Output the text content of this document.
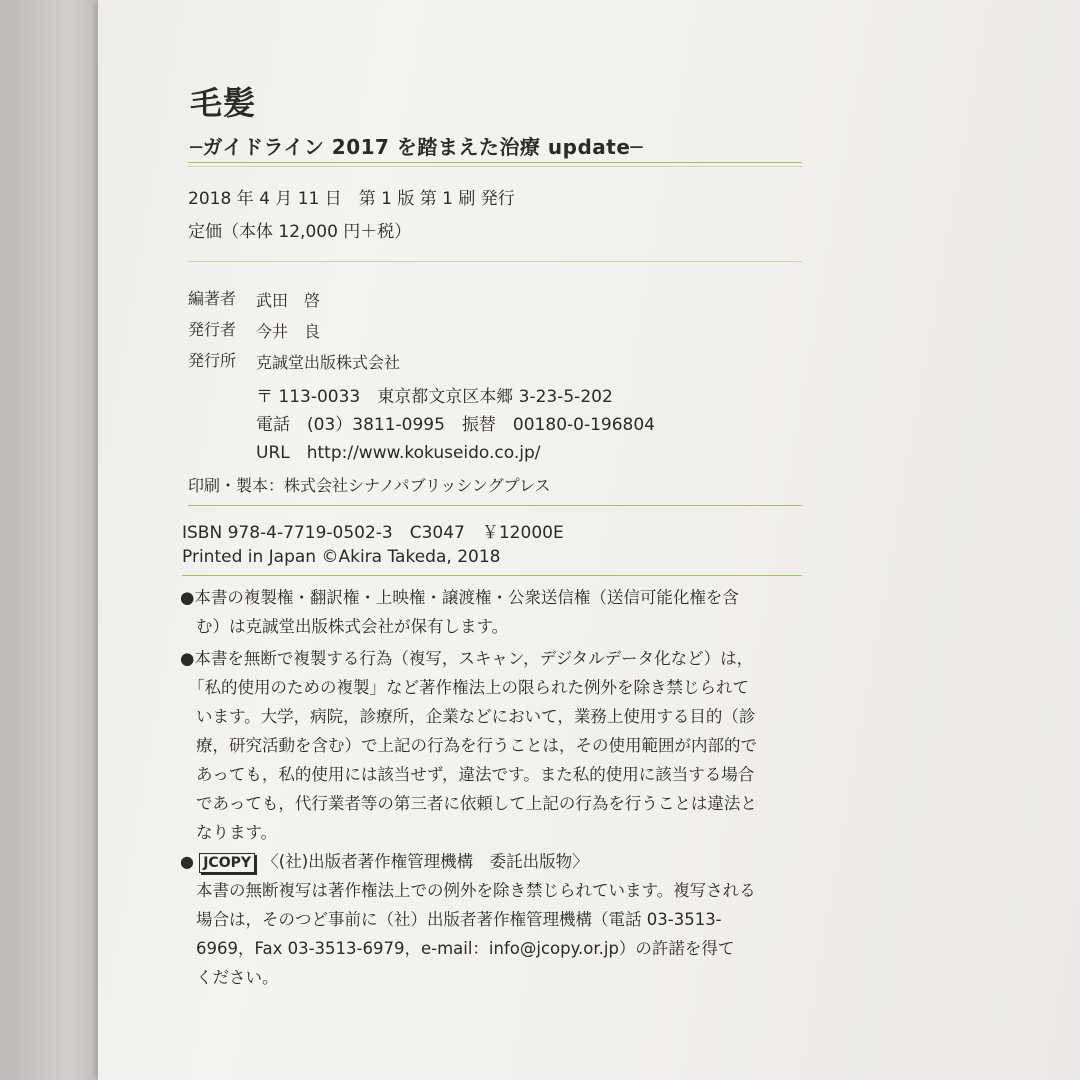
毛髪
─ガイドライン 2017 を踏まえた治療 update─
2018 年 4 月 11 日　第 1 版 第 1 刷 発行
定価（本体 12,000 円＋税）
編著者 武田　啓
発行者 今井　良
発行所 克誠堂出版株式会社
〒 113-0033　東京都文京区本郷 3-23-5-202
電話　(03）3811-0995　振替　00180-0-196804
URL　http://www.kokuseido.co.jp/
印刷・製本：株式会社シナノパブリッシングプレス
ISBN 978-4-7719-0502-3　C3047　￥12000E
Printed in Japan ©Akira Takeda, 2018
●本書の複製権・翻訳権・上映権・譲渡権・公衆送信権（送信可能化権を含
む）は克誠堂出版株式会社が保有します。
●本書を無断で複製する行為（複写，スキャン，デジタルデータ化など）は，
「私的使用のための複製」など著作権法上の限られた例外を除き禁じられて
います。大学，病院，診療所，企業などにおいて，業務上使用する目的（診
療，研究活動を含む）で上記の行為を行うことは，その使用範囲が内部的で
あっても，私的使用には該当せず，違法です。また私的使用に該当する場合
であっても，代行業者等の第三者に依頼して上記の行為を行うことは違法と
なります。
● JCOPY 〈(社)出版者著作権管理機構　委託出版物〉
本書の無断複写は著作権法上での例外を除き禁じられています。複写される
場合は，そのつど事前に（社）出版者著作権管理機構（電話 03-3513-
6969，Fax 03-3513-6979，e-mail：info@jcopy.or.jp）の許諾を得て
ください。
